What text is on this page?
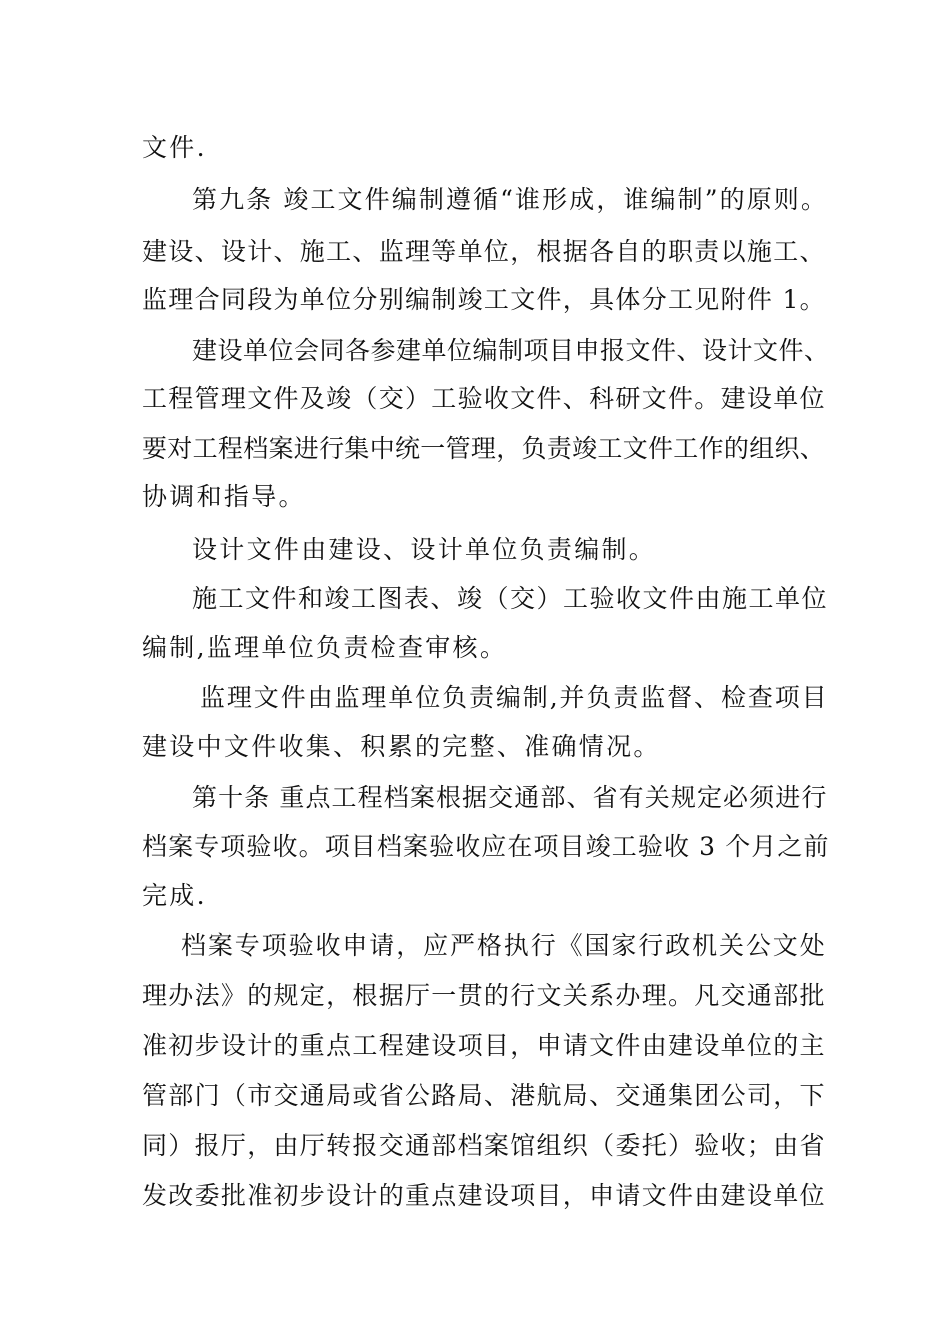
文件.
第九条 竣工文件编制遵循“谁形成，谁编制”的原则。
建设、设计、施工、监理等单位，根据各自的职责以施工、
监理合同段为单位分别编制竣工文件，具体分工见附件 1。
建设单位会同各参建单位编制项目申报文件、设计文件、
工程管理文件及竣（交）工验收文件、科研文件。建设单位
要对工程档案进行集中统一管理，负责竣工文件工作的组织、
协调和指导。
设计文件由建设、设计单位负责编制。
施工文件和竣工图表、竣（交）工验收文件由施工单位
编制,监理单位负责检查审核。
监理文件由监理单位负责编制,并负责监督、检查项目
建设中文件收集、积累的完整、准确情况。
第十条 重点工程档案根据交通部、省有关规定必须进行
档案专项验收。项目档案验收应在项目竣工验收 3 个月之前
完成.
档案专项验收申请，应严格执行《国家行政机关公文处
理办法》的规定，根据厅一贯的行文关系办理。凡交通部批
准初步设计的重点工程建设项目，申请文件由建设单位的主
管部门（市交通局或省公路局、港航局、交通集团公司，下
同）报厅，由厅转报交通部档案馆组织（委托）验收；由省
发改委批准初步设计的重点建设项目，申请文件由建设单位
